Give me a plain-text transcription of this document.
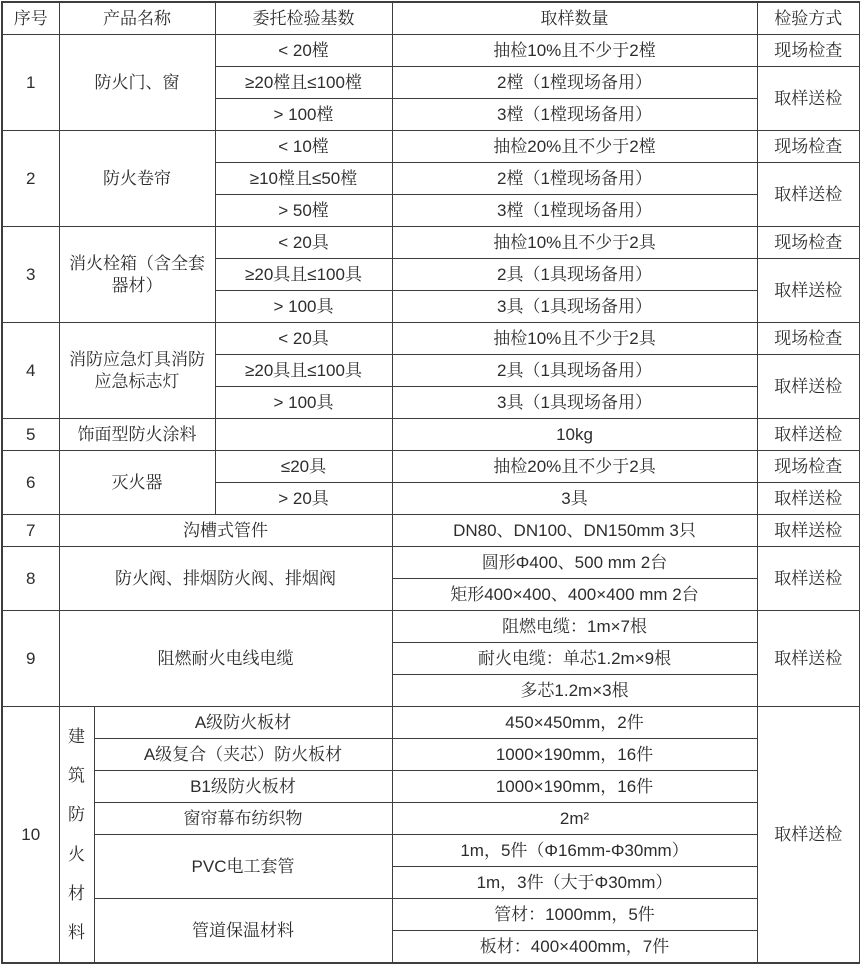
序号	产品名称		委托检验基数	取样数量	检验方式
1	防火门、窗		< 20樘	抽检10%且不少于2樘	现场检查
			≥20樘且≤100樘	2樘（1樘现场备用）	取样送检
			> 100樘	3樘（1樘现场备用）	
2	防火卷帘		< 10樘	抽检20%且不少于2樘	现场检查
			≥10樘且≤50樘	2樘（1樘现场备用）	取样送检
			> 50樘	3樘（1樘现场备用）	
3	消火栓箱（含全套器材）		< 20具	抽检10%且不少于2具	现场检查
			≥20具且≤100具	2具（1具现场备用）	取样送检
			> 100具	3具（1具现场备用）	
4	消防应急灯具消防应急标志灯		< 20具	抽检10%且不少于2具	现场检查
			≥20具且≤100具	2具（1具现场备用）	取样送检
			> 100具	3具（1具现场备用）	
5	饰面型防火涂料			10kg	取样送检
6	灭火器		≤20具	抽检20%且不少于2具	现场检查
			> 20具	3具	取样送检
7	沟槽式管件			DN80、DN100、DN150mm 3只	取样送检
8	防火阀、排烟防火阀、排烟阀			圆形Φ400、500 mm 2台	取样送检
				矩形400×400、400×400 mm 2台	
9	阻燃耐火电线电缆			阻燃电缆：1m×7根	取样送检
				耐火电缆：单芯1.2m×9根	
				多芯1.2m×3根	
10	建筑防火材料	A级防火板材		450×450mm，2件	取样送检
		A级复合（夹芯）防火板材		1000×190mm，16件	
		B1级防火板材		1000×190mm，16件	
		窗帘幕布纺织物		2m²	
		PVC电工套管		1m，5件（Φ16mm-Φ30mm）	
				1m，3件（大于Φ30mm）	
		管道保温材料		管材：1000mm，5件	
				板材：400×400mm，7件	
